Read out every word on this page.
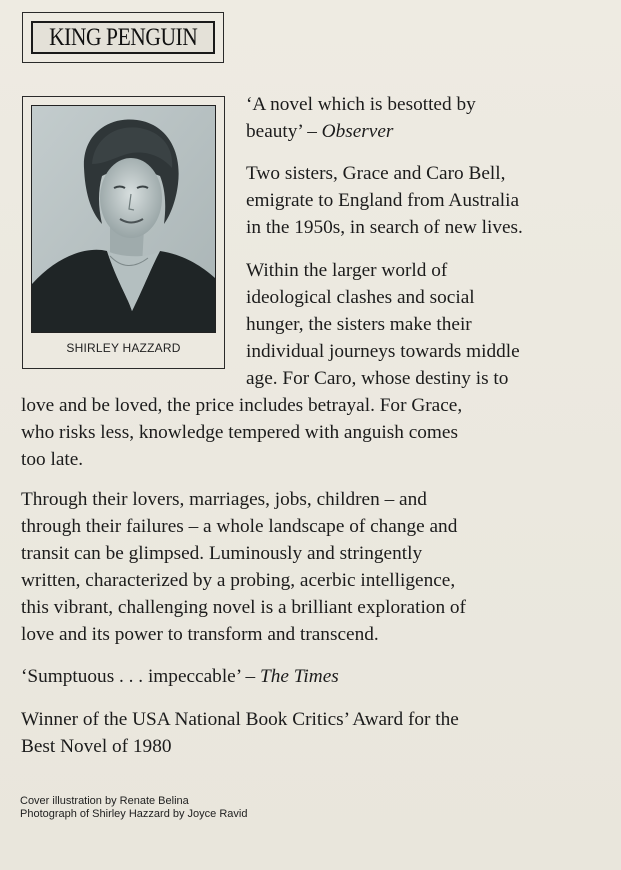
KING PENGUIN
SHIRLEY HAZZARD

‘A novel which is besotted by
beauty’ – Observer

Two sisters, Grace and Caro Bell,
emigrate to England from Australia
in the 1950s, in search of new lives.

Within the larger world of
ideological clashes and social
hunger, the sisters make their
individual journeys towards middle
age. For Caro, whose destiny is to

love and be loved, the price includes betrayal. For Grace,
who risks less, knowledge tempered with anguish comes
too late.

Through their lovers, marriages, jobs, children – and
through their failures – a whole landscape of change and
transit can be glimpsed. Luminously and stringently
written, characterized by a probing, acerbic intelligence,
this vibrant, challenging novel is a brilliant exploration of
love and its power to transform and transcend.

‘Sumptuous . . . impeccable’ – The Times

Winner of the USA National Book Critics’ Award for the
Best Novel of 1980

Cover illustration by Renate Belina
Photograph of Shirley Hazzard by Joyce Ravid
